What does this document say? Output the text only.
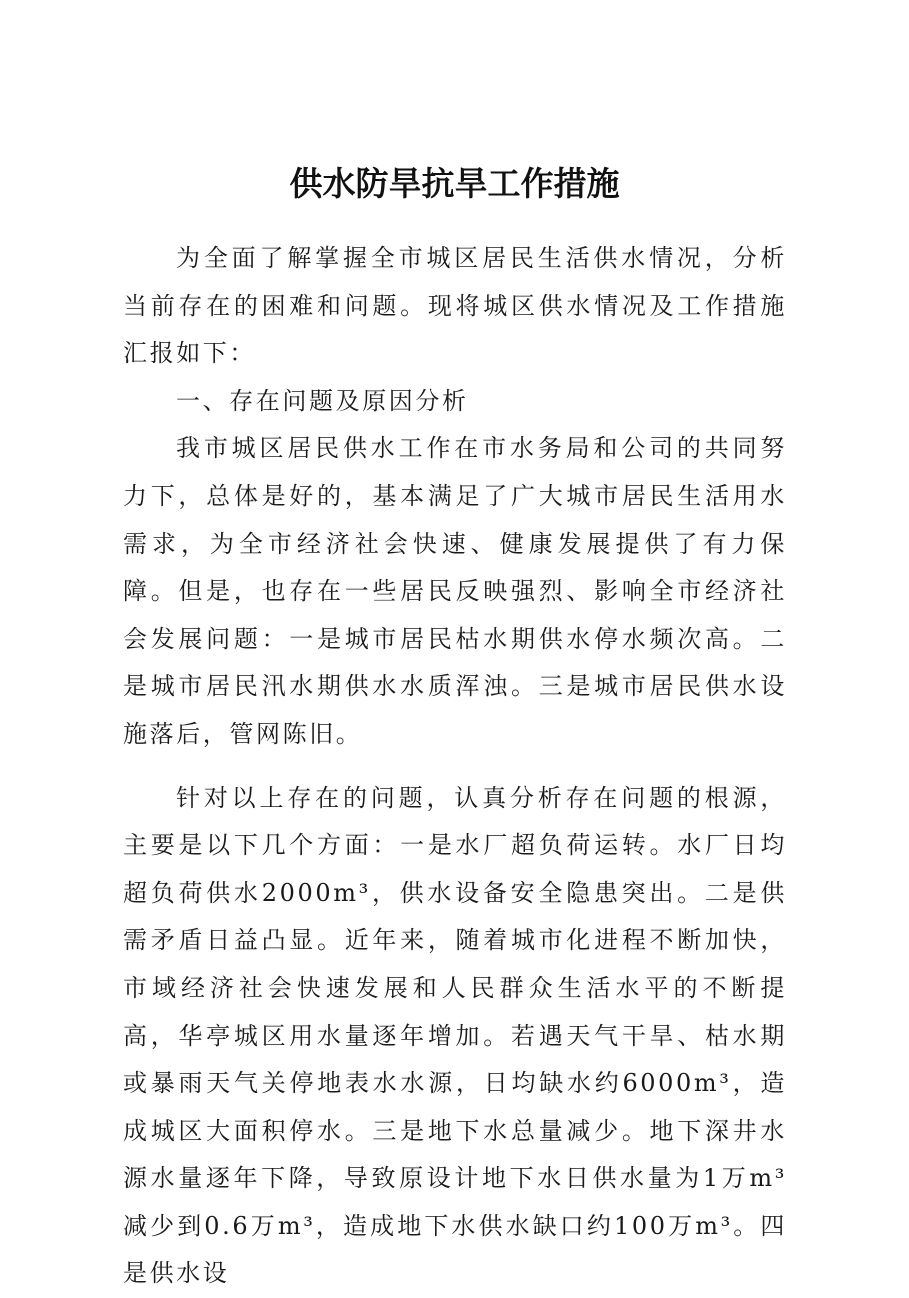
供水防旱抗旱工作措施

为全面了解掌握全市城区居民生活供水情况，分析当前存在的困难和问题。现将城区供水情况及工作措施汇报如下：

一、存在问题及原因分析

我市城区居民供水工作在市水务局和公司的共同努力下，总体是好的，基本满足了广大城市居民生活用水需求，为全市经济社会快速、健康发展提供了有力保障。但是，也存在一些居民反映强烈、影响全市经济社会发展问题：一是城市居民枯水期供水停水频次高。二是城市居民汛水期供水水质浑浊。三是城市居民供水设施落后，管网陈旧。

针对以上存在的问题，认真分析存在问题的根源，主要是以下几个方面：一是水厂超负荷运转。水厂日均超负荷供水2000m³，供水设备安全隐患突出。二是供需矛盾日益凸显。近年来，随着城市化进程不断加快，市域经济社会快速发展和人民群众生活水平的不断提高，华亭城区用水量逐年增加。若遇天气干旱、枯水期或暴雨天气关停地表水水源，日均缺水约6000m³，造成城区大面积停水。三是地下水总量减少。地下深井水源水量逐年下降，导致原设计地下水日供水量为1万m³减少到0.6万m³，造成地下水供水缺口约100万m³。四是供水设
